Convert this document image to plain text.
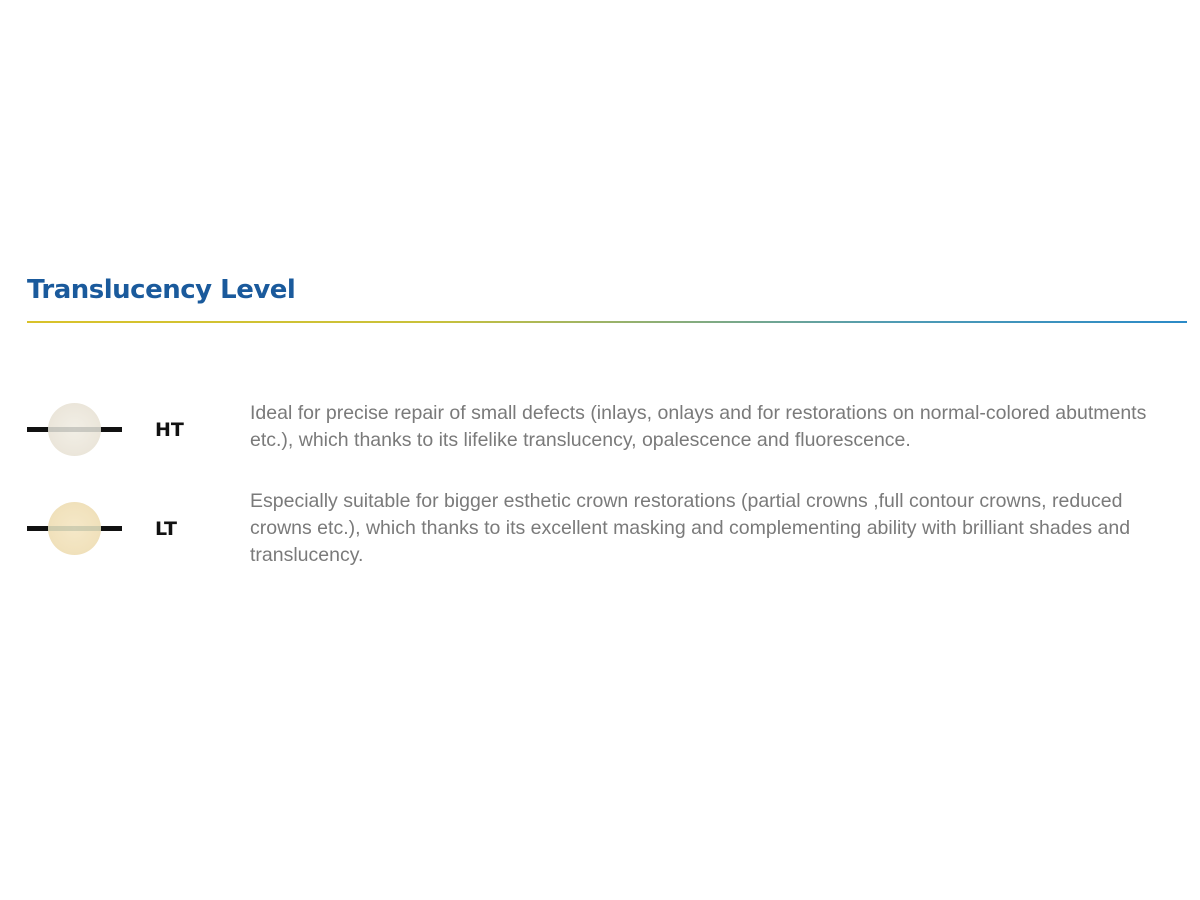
Translucency Level
HT

Ideal for precise repair of small defects (inlays, onlays and for restorations on normal-colored abutments etc.), which thanks to its lifelike translucency, opalescence and fluorescence.

LT

Especially suitable for bigger esthetic crown restorations (partial crowns ,full contour crowns, reduced crowns etc.), which thanks to its excellent masking and complementing ability with brilliant shades and translucency.
